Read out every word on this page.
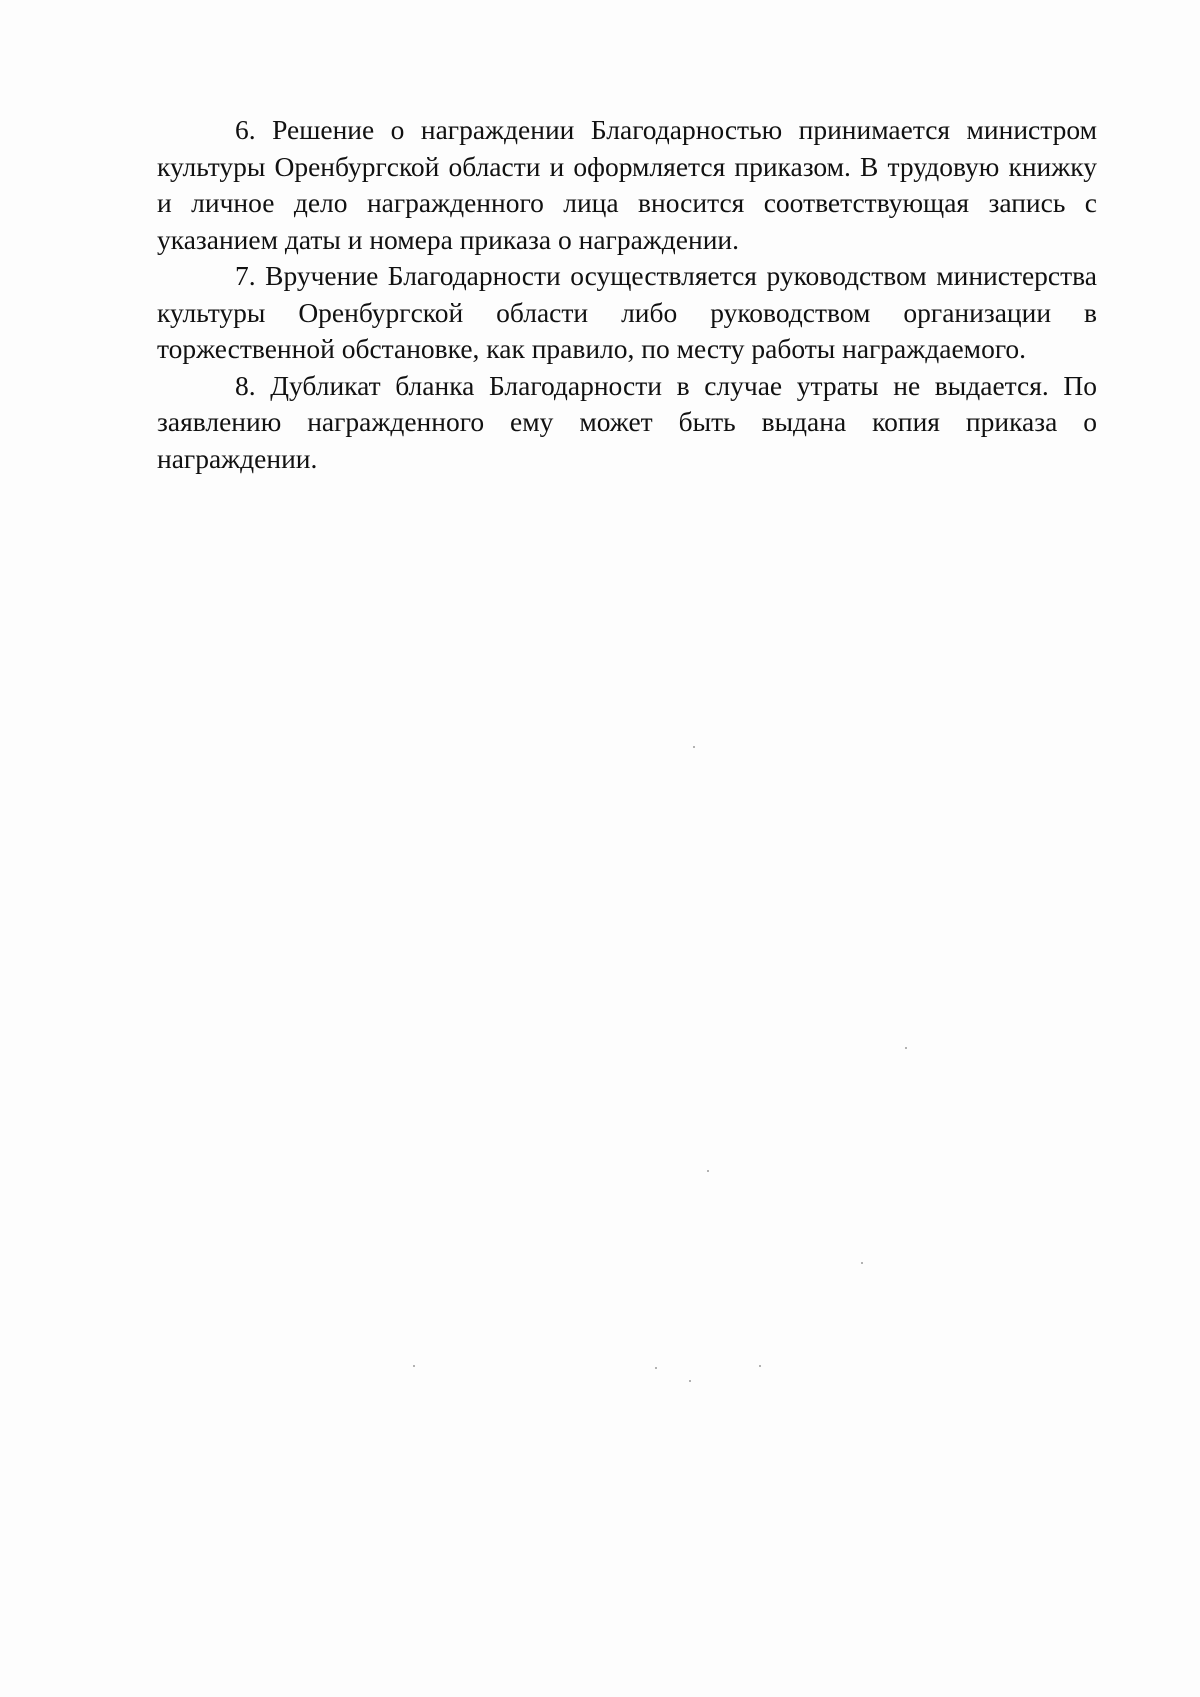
6. Решение о награждении Благодарностью принимается министром культуры Оренбургской области и оформляется приказом. В трудовую книжку и личное дело награжденного лица вносится соответствующая запись с указанием даты и номера приказа о награждении.

7. Вручение Благодарности осуществляется руководством министерства культуры Оренбургской области либо руководством организации в торжественной обстановке, как правило, по месту работы награждаемого.

8. Дубликат бланка Благодарности в случае утраты не выдается. По заявлению награжденного ему может быть выдана копия приказа о награждении.
